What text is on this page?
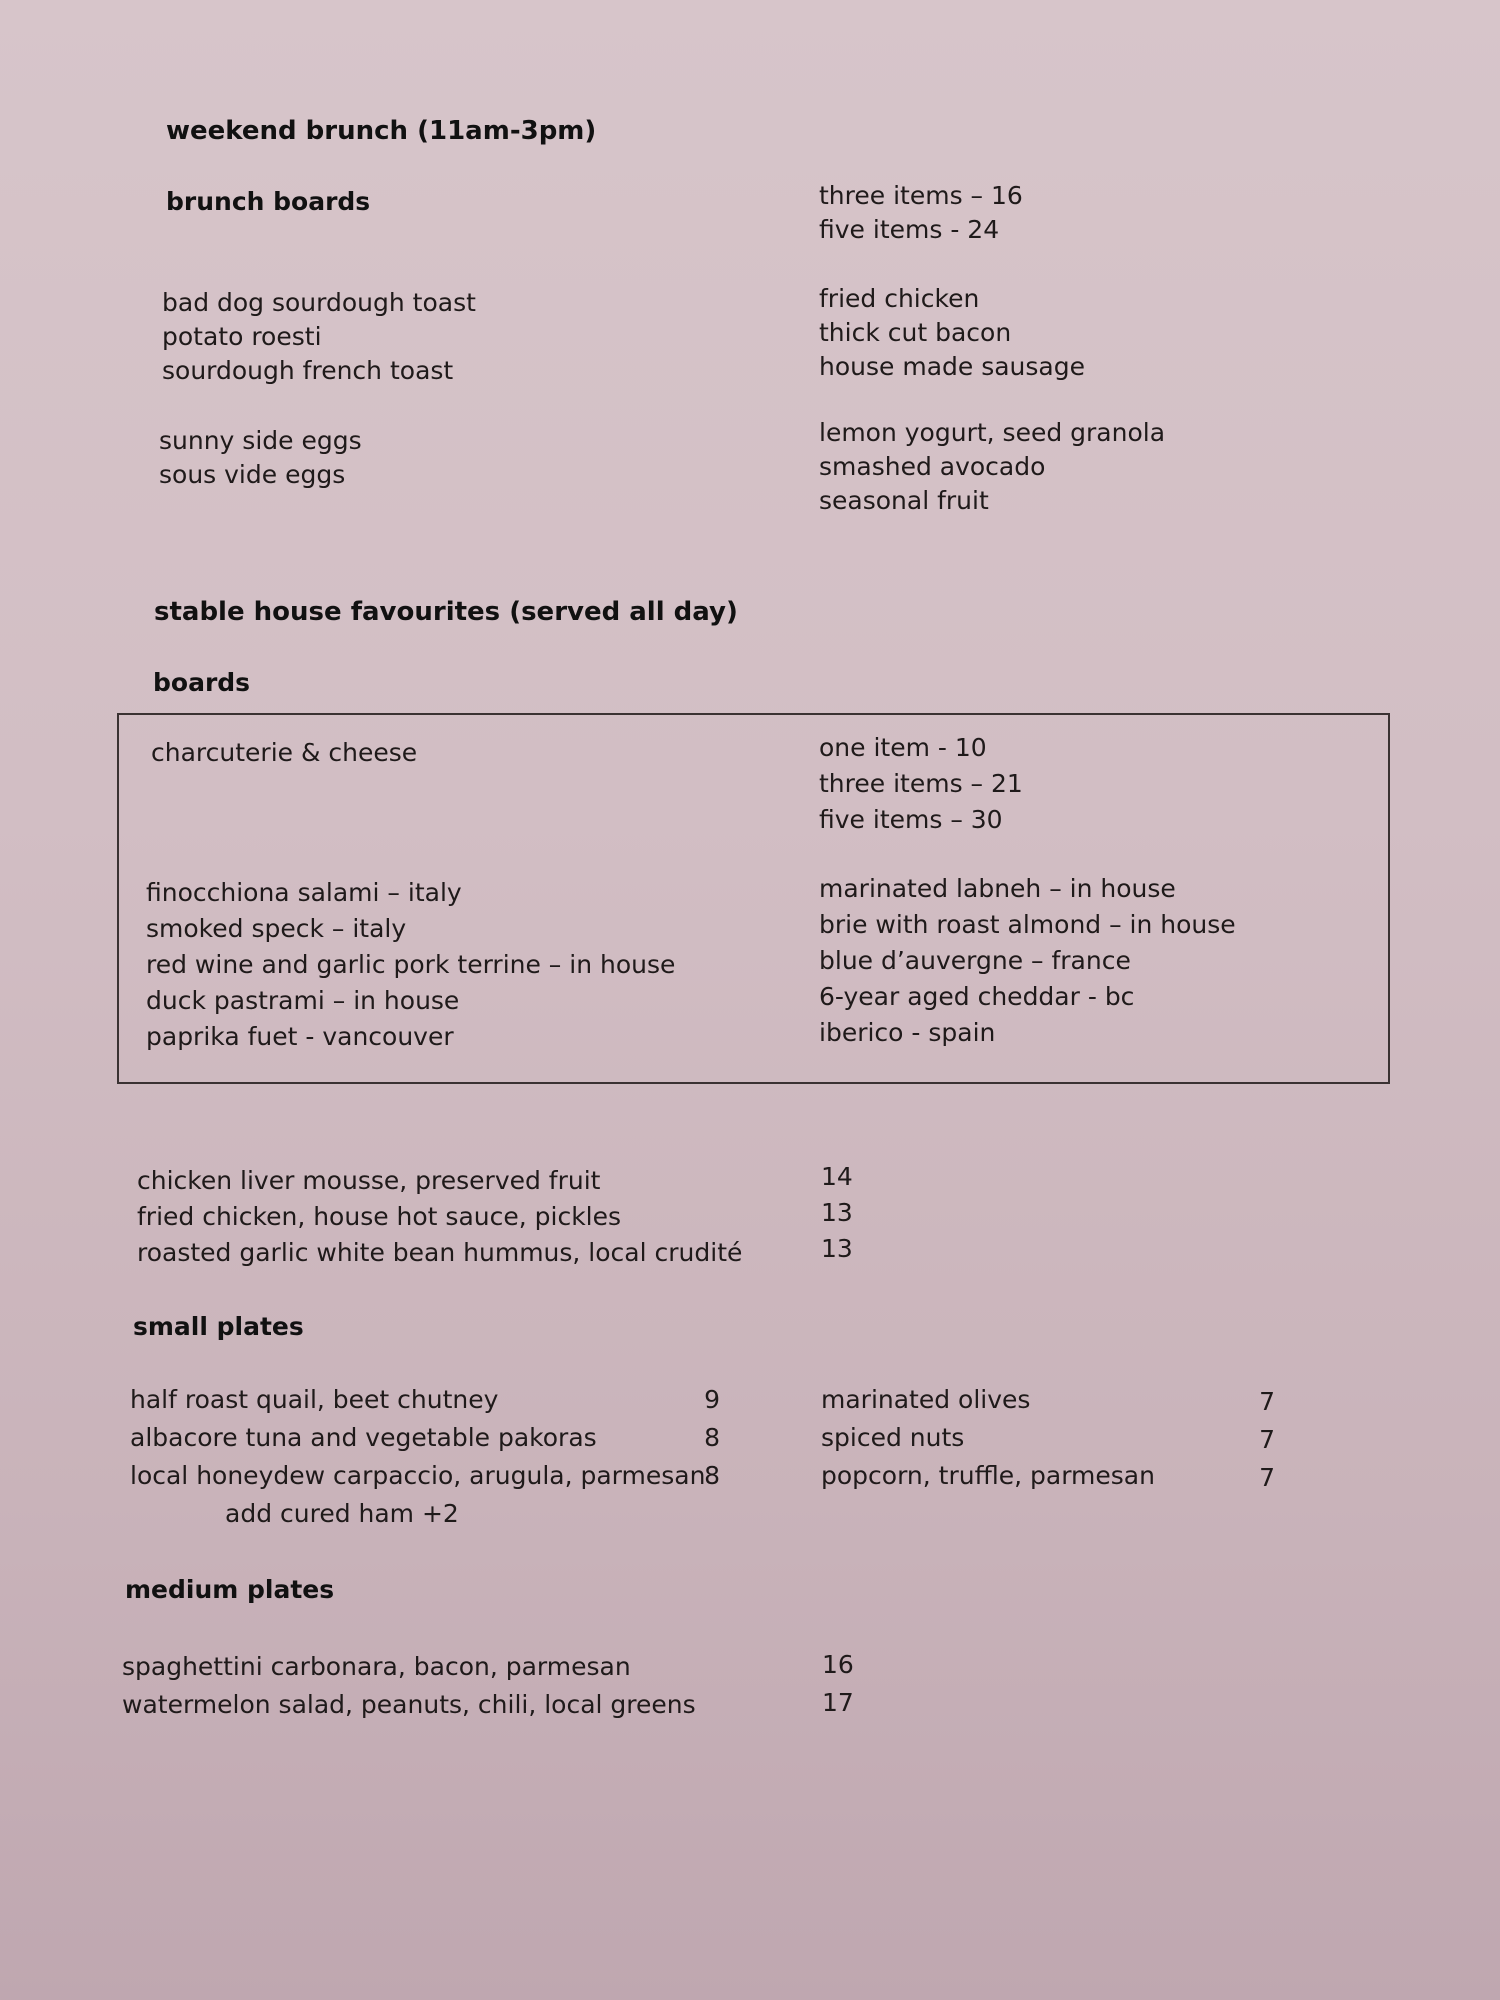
weekend brunch (11am-3pm)
brunch boards	three items – 16
five items - 24
bad dog sourdough toast
potato roesti
sourdough french toast
fried chicken
thick cut bacon
house made sausage
sunny side eggs
sous vide eggs
lemon yogurt, seed granola
smashed avocado
seasonal fruit
stable house favourites (served all day)
boards
charcuterie & cheese	one item - 10
three items – 21
five items – 30
finocchiona salami – italy
smoked speck – italy
red wine and garlic pork terrine – in house
duck pastrami – in house
paprika fuet - vancouver
marinated labneh – in house
brie with roast almond – in house
blue d’auvergne – france
6-year aged cheddar - bc
iberico - spain
chicken liver mousse, preserved fruit
fried chicken, house hot sauce, pickles
roasted garlic white bean hummus, local crudité
14
13
13
small plates
half roast quail, beet chutney
albacore tuna and vegetable pakoras
local honeydew carpaccio, arugula, parmesan
9
8
8
add cured ham +2
marinated olives
spiced nuts
popcorn, truffle, parmesan
7
7
7
medium plates
spaghettini carbonara, bacon, parmesan
watermelon salad, peanuts, chili, local greens
16
17
